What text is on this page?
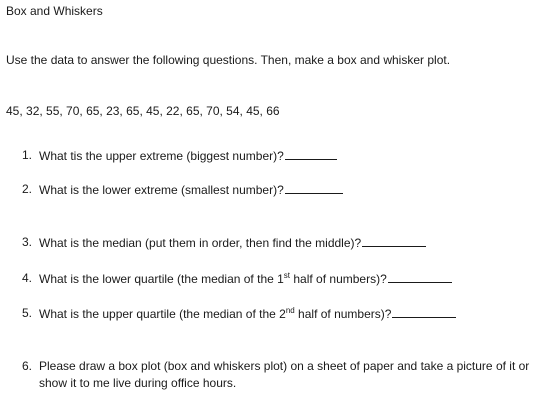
Box and Whiskers
Use the data to answer the following questions. Then, make a box and whisker plot.
45, 32, 55, 70, 65, 23, 65, 45, 22, 65, 70, 54, 45, 66
1. What tis the upper extreme (biggest number)?
2. What is the lower extreme (smallest number)?
3. What is the median (put them in order, then find the middle)?
4. What is the lower quartile (the median of the 1st half of numbers)?
5. What is the upper quartile (the median of the 2nd half of numbers)?
6. Please draw a box plot (box and whiskers plot) on a sheet of paper and take a picture of it or show it to me live during office hours.
